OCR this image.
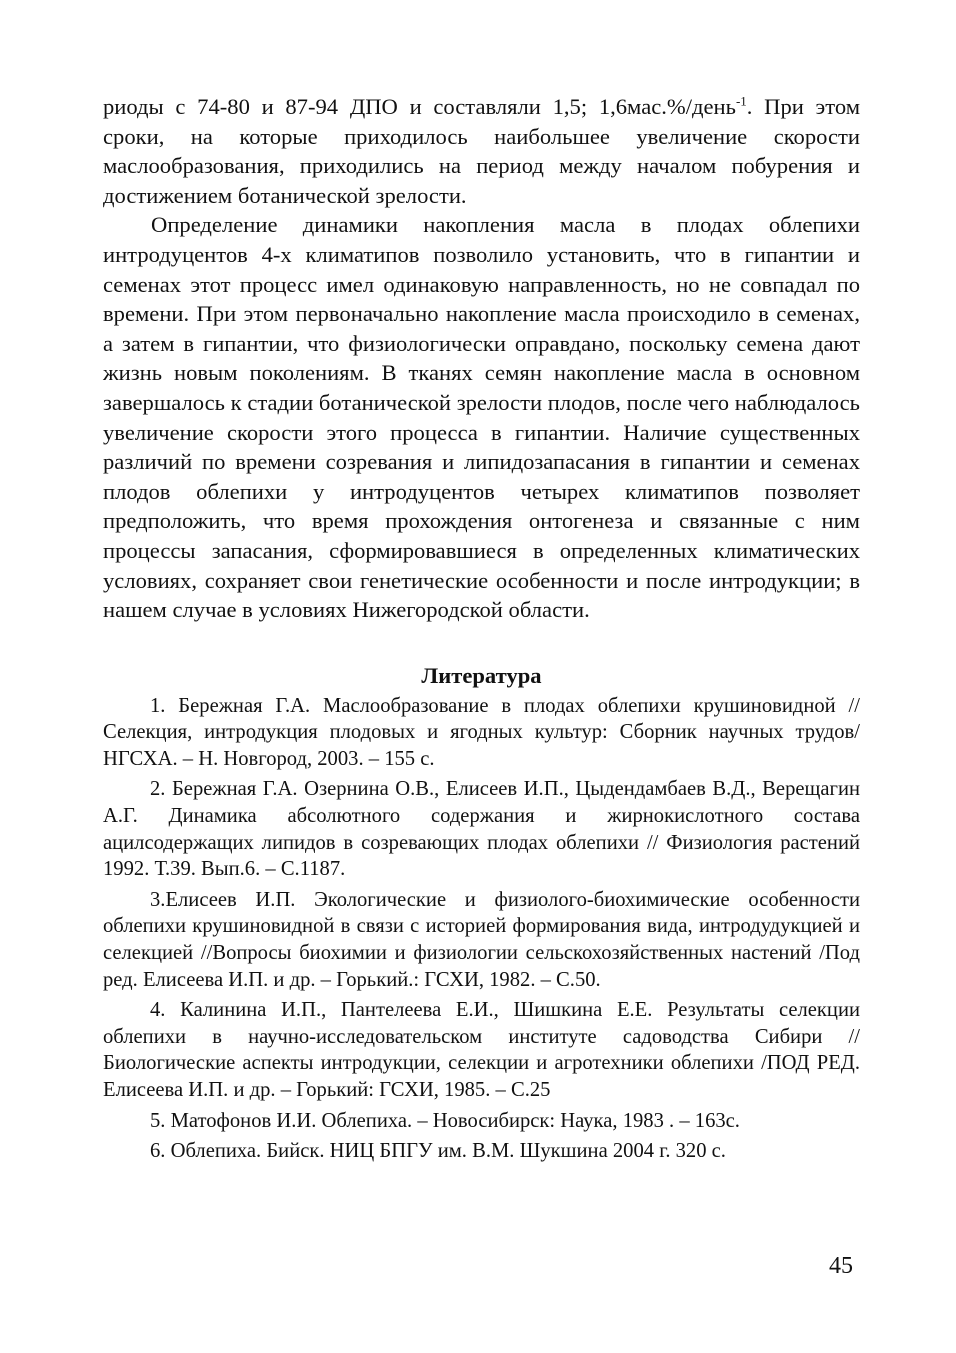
риоды с 74-80 и 87-94 ДПО и составляли 1,5; 1,6мас.%/день$^{-1}$. При этом сроки, на которые приходилось наибольшее увеличение скорости маслообразования, приходились на период между началом побурения и достижением ботанической зрелости.

Определение динамики накопления масла в плодах облепихи интродуцентов 4-х климатипов позволило установить, что в гипантии и семенах этот процесс имел одинаковую направленность, но не совпадал по времени. При этом первоначально накопление масла происходило в семенах, а затем в гипантии, что физиологически оправдано, поскольку семена дают жизнь новым поколениям. В тканях семян накопление масла в основном завершалось к стадии ботанической зрелости плодов, после чего наблюдалось увеличение скорости этого процесса в гипантии. Наличие существенных различий по времени созревания и липидозапасания в гипантии и семенах плодов облепихи у интродуцентов четырех климатипов позволяет предположить, что время прохождения онтогенеза и связанные с ним процессы запасания, сформировавшиеся в определенных климатических условиях, сохраняет свои генетические особенности и после интродукции; в нашем случае в условиях Нижегородской области.

Литература

1. Бережная Г.А. Маслообразование в плодах облепихи крушиновидной //Селекция, интродукция плодовых и ягодных культур: Сборник научных трудов/ НГСХА. – Н. Новгород, 2003. – 155 с.

2. Бережная Г.А. Озернина О.В., Елисеев И.П., Цыдендамбаев В.Д., Верещагин А.Г. Динамика абсолютного содержания и жирнокислотного состава ацилсодержащих липидов в созревающих плодах облепихи // Физиология растений 1992. Т.39. Вып.6. – С.1187.

3.Елисеев И.П. Экологические и физиолого-биохимические особенности облепихи крушиновидной в связи с историей формирования вида, интродудукцией и селекцией //Вопросы биохимии и физиологии сельскохозяйственных настений /Под ред. Елисеева И.П. и др. – Горький.: ГСХИ, 1982. – С.50.

4. Калинина И.П., Пантелеева Е.И., Шишкина Е.Е. Результаты селекции облепихи в научно-исследовательском институте садоводства Сибири //Биологические аспекты интродукции, селекции и агротехники облепихи /ПОД РЕД. Елисеева И.П. и др. – Горький: ГСХИ, 1985. – С.25

5. Матофонов И.И. Облепиха. – Новосибирск: Наука, 1983 . – 163с.

6. Облепиха. Бийск. НИЦ БПГУ им. В.М. Шукшина 2004 г. 320 с.

45
